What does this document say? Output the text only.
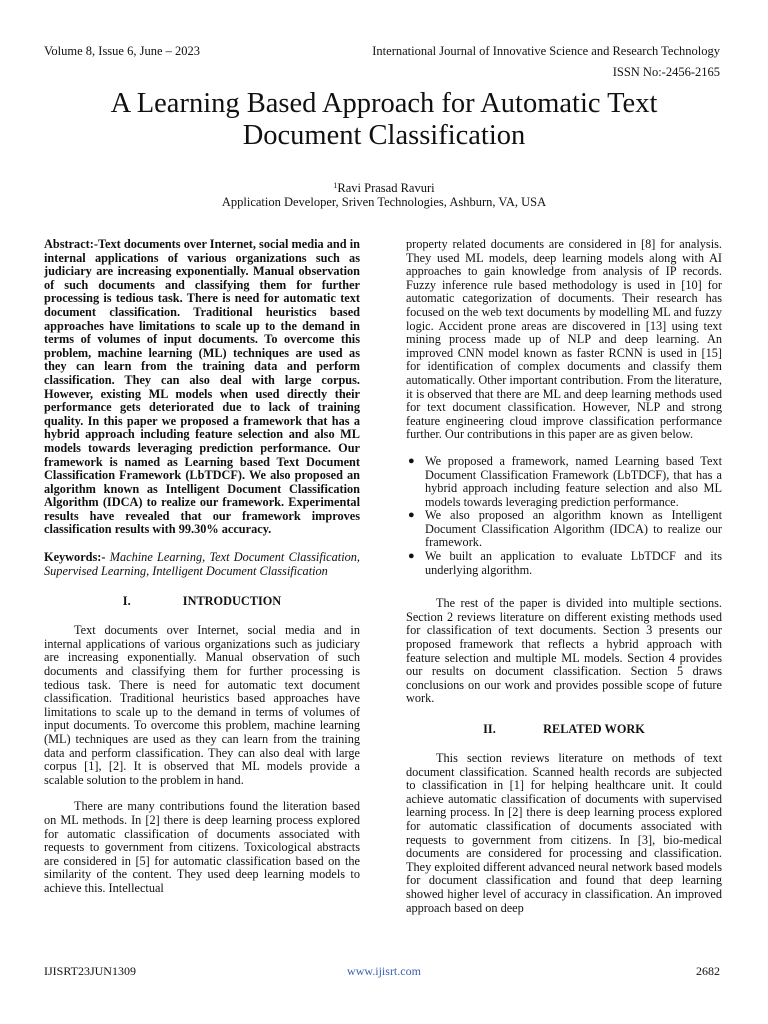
Volume 8, Issue 6, June – 2023	International Journal of Innovative Science and Research Technology
ISSN No:-2456-2165
A Learning Based Approach for Automatic Text
Document Classification
$^1$Ravi Prasad Ravuri
Application Developer, Sriven Technologies, Ashburn, VA, USA

Abstract:-Text documents over Internet, social media and in internal applications of various organizations such as judiciary are increasing exponentially. Manual observation of such documents and classifying them for further processing is tedious task. There is need for automatic text document classification. Traditional heuristics based approaches have limitations to scale up to the demand in terms of volumes of input documents. To overcome this problem, machine learning (ML) techniques are used as they can learn from the training data and perform classification. They can also deal with large corpus. However, existing ML models when used directly their performance gets deteriorated due to lack of training quality. In this paper we proposed a framework that has a hybrid approach including feature selection and also ML models towards leveraging prediction performance. Our framework is named as Learning based Text Document Classification Framework (LbTDCF). We also proposed an algorithm known as Intelligent Document Classification Algorithm (IDCA) to realize our framework. Experimental results have revealed that our framework improves classification results with 99.30% accuracy.

Keywords:- Machine Learning, Text Document Classification, Supervised Learning, Intelligent Document Classification

I.	INTRODUCTION

Text documents over Internet, social media and in internal applications of various organizations such as judiciary are increasing exponentially. Manual observation of such documents and classifying them for further processing is tedious task. There is need for automatic text document classification. Traditional heuristics based approaches have limitations to scale up to the demand in terms of volumes of input documents. To overcome this problem, machine learning (ML) techniques are used as they can learn from the training data and perform classification. They can also deal with large corpus [1], [2]. It is observed that ML models provide a scalable solution to the problem in hand.

There are many contributions found the literation based on ML methods. In [2] there is deep learning process explored for automatic classification of documents associated with requests to government from citizens. Toxicological abstracts are considered in [5] for automatic classification based on the similarity of the content. They used deep learning models to achieve this. Intellectual

property related documents are considered in [8] for analysis. They used ML models, deep learning models along with AI approaches to gain knowledge from analysis of IP records. Fuzzy inference rule based methodology is used in [10] for automatic categorization of documents. Their research has focused on the web text documents by modelling ML and fuzzy logic. Accident prone areas are discovered in [13] using text mining process made up of NLP and deep learning. An improved CNN model known as faster RCNN is used in [15] for identification of complex documents and classify them automatically. Other important contribution. From the literature, it is observed that there are ML and deep learning methods used for text document classification. However, NLP and strong feature engineering cloud improve classification performance further. Our contributions in this paper are as given below.

● We proposed a framework, named Learning based Text Document Classification Framework (LbTDCF), that has a hybrid approach including feature selection and also ML models towards leveraging prediction performance.
● We also proposed an algorithm known as Intelligent Document Classification Algorithm (IDCA) to realize our framework.
● We built an application to evaluate LbTDCF and its underlying algorithm.

The rest of the paper is divided into multiple sections. Section 2 reviews literature on different existing methods used for classification of text documents. Section 3 presents our proposed framework that reflects a hybrid approach with feature selection and multiple ML models. Section 4 provides our results on document classification. Section 5 draws conclusions on our work and provides possible scope of future work.

II.	RELATED WORK

This section reviews literature on methods of text document classification. Scanned health records are subjected to classification in [1] for helping healthcare unit. It could achieve automatic classification of documents with supervised learning process. In [2] there is deep learning process explored for automatic classification of documents associated with requests to government from citizens. In [3], bio-medical documents are considered for processing and classification. They exploited different advanced neural network based models for document classification and found that deep learning showed higher level of accuracy in classification. An improved approach based on deep

IJISRT23JUN1309	www.ijisrt.com	2682
